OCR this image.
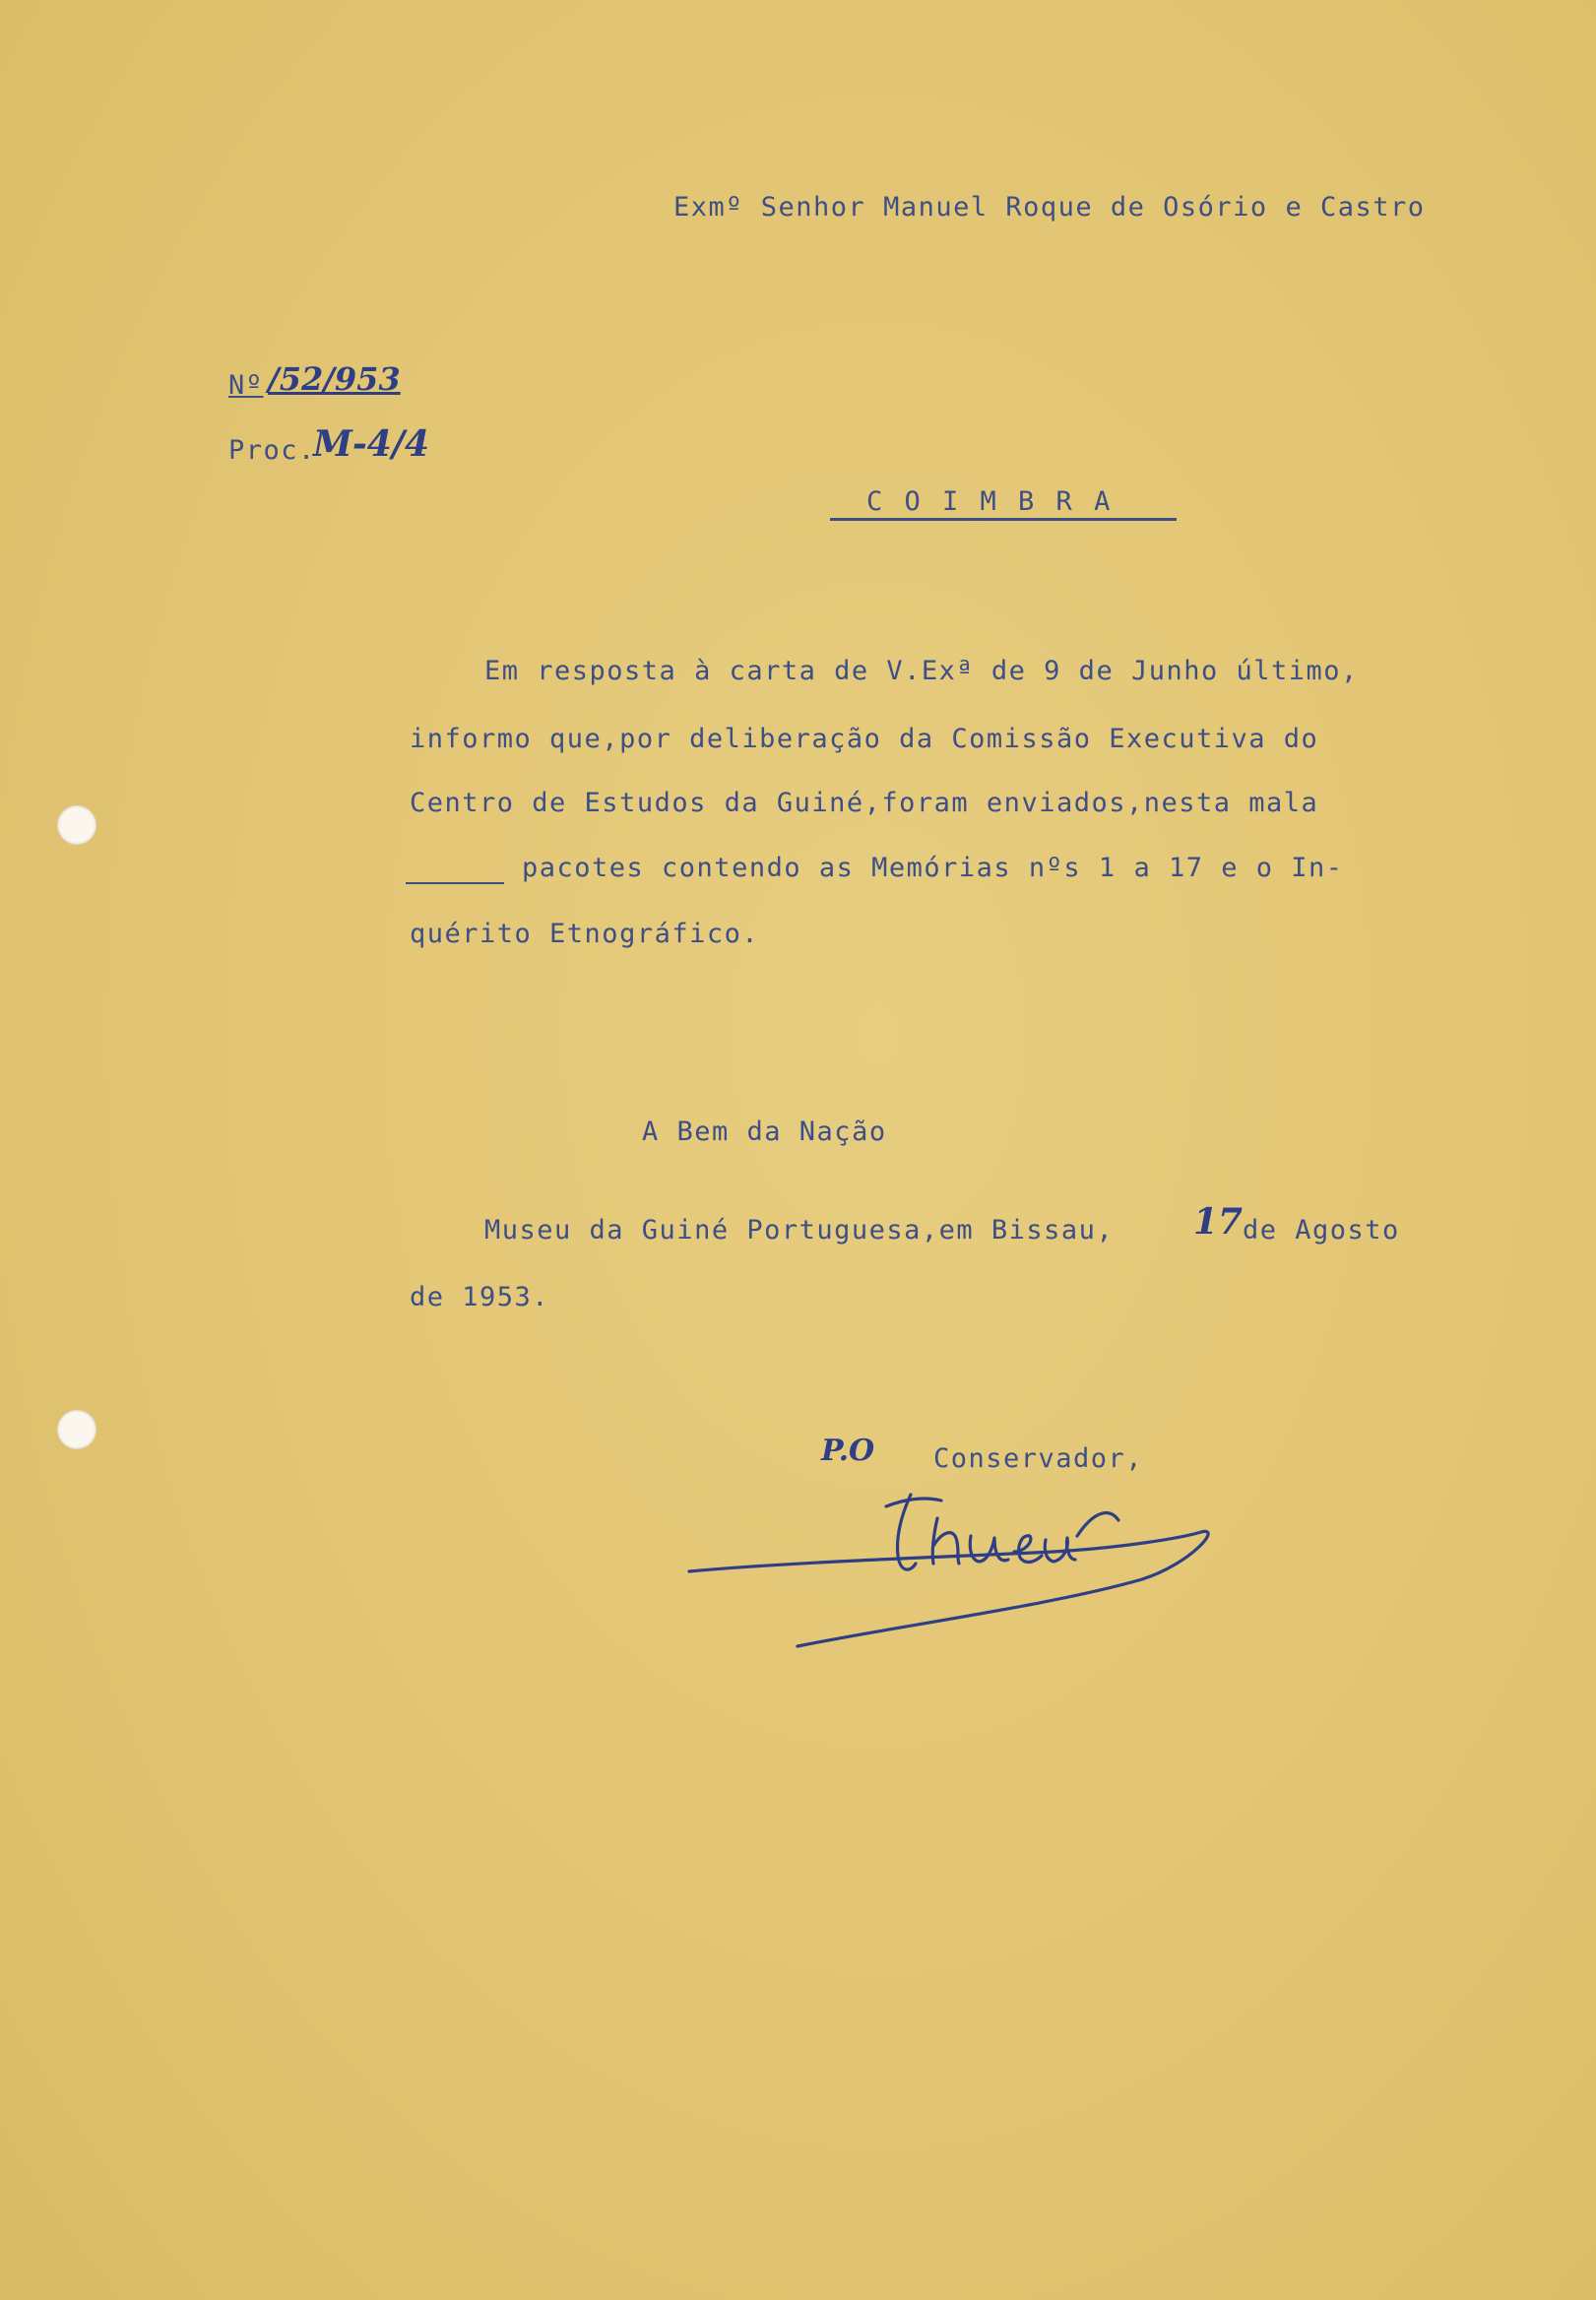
Exmº Senhor Manuel Roque de Osório e Castro
Nº /52/953
Proc.
M-4/4
C O I M B R A
Em resposta à carta de V.Exª de 9 de Junho último,
informo que,por deliberação da Comissão Executiva do
Centro de Estudos da Guiné,foram enviados,nesta mala
pacotes contendo as Memórias nºs 1 a 17 e o In-
quérito Etnográfico.
A Bem da Nação
Museu da Guiné Portuguesa,em Bissau, 17 de Agosto
de 1953.
P.O Conservador,
